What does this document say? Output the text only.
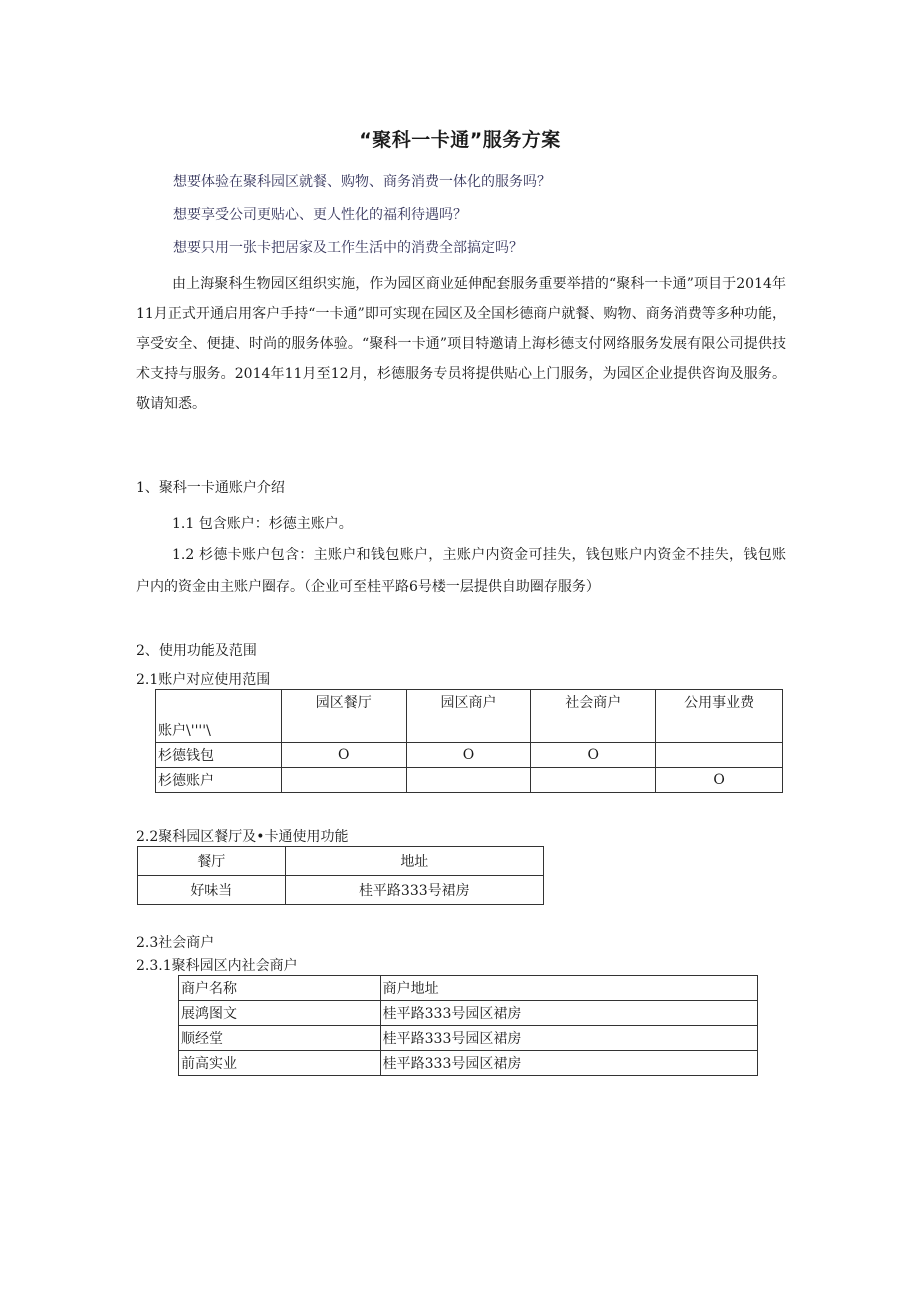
“聚科一卡通”服务方案
想要体验在聚科园区就餐、购物、商务消费一体化的服务吗？
想要享受公司更贴心、更人性化的福利待遇吗？
想要只用一张卡把居家及工作生活中的消费全部搞定吗？
由上海聚科生物园区组织实施，作为园区商业延伸配套服务重要举措的“聚科一卡通”项目于2014年11月正式开通启用客户手持“一卡通”即可实现在园区及全国杉德商户就餐、购物、商务消费等多种功能，享受安全、便捷、时尚的服务体验。“聚科一卡通”项目特邀请上海杉德支付网络服务发展有限公司提供技术支持与服务。2014年11月至12月，杉德服务专员将提供贴心上门服务，为园区企业提供咨询及服务。敬请知悉。
1、聚科一卡通账户介绍
1.1 包含账户：杉德主账户。
1.2 杉德卡账户包含：主账户和钱包账户，主账户内资金可挂失，钱包账户内资金不挂失，钱包账户内的资金由主账户圈存。（企业可至桂平路6号楼一层提供自助圈存服务）
2、使用功能及范围
2.1账户对应使用范围
账户\''''\	园区餐厅	园区商户	社会商户	公用事业费
杉德钱包	O	O	O	
杉德账户				O
2.2聚科园区餐厅及•卡通使用功能
餐厅	地址
好味当	桂平路333号裙房
2.3社会商户
2.3.1聚科园区内社会商户
商户名称	商户地址
展鸿图文	桂平路333号园区裙房
顺经堂	桂平路333号园区裙房
前高实业	桂平路333号园区裙房
